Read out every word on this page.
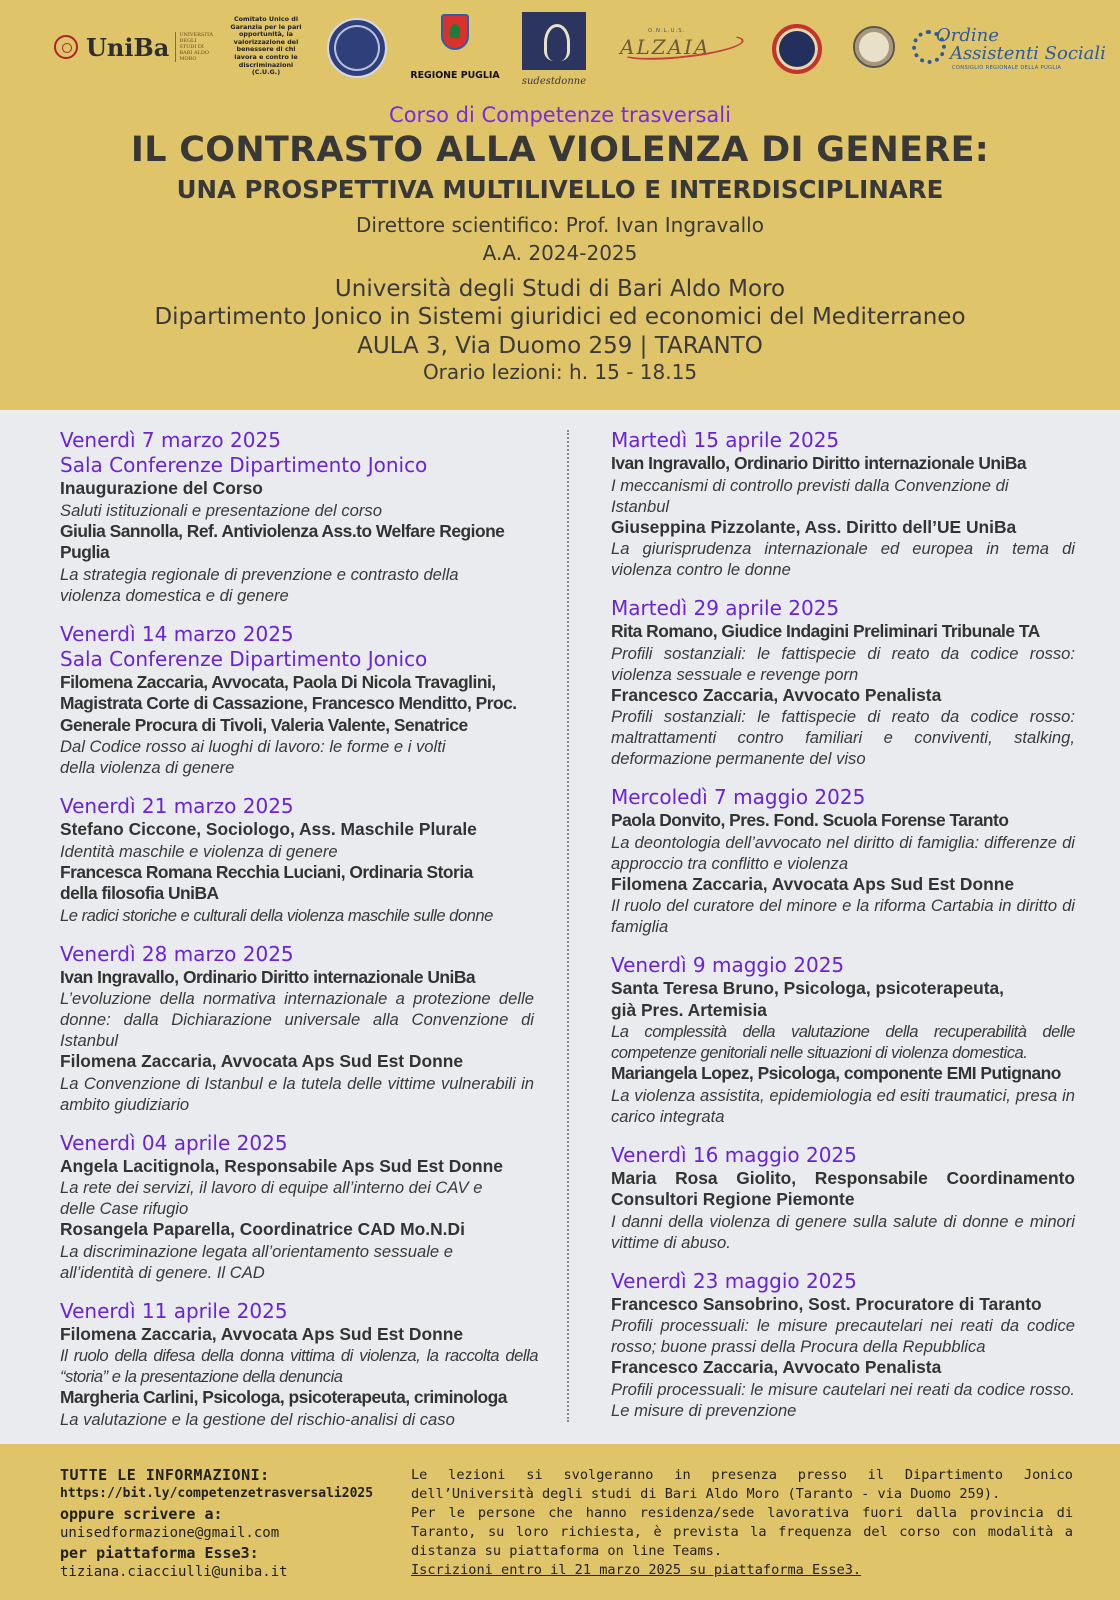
UniBa	UNIVERSITÀ DEGLI STUDI DI BARI ALDO MORO
Comitato Unico di Garanzia per le pari opportunità, la valorizzazione del benessere di chi lavora e contro le discriminazioni (C.U.G.)	REGIONE PUGLIA
sudestdonne
O.N.L.U.S.
ALZAIA	Ordine
Assistenti Sociali
CONSIGLIO REGIONALE DELLA PUGLIA
Corso di Competenze trasversali
IL CONTRASTO ALLA VIOLENZA DI GENERE:
UNA PROSPETTIVA MULTILIVELLO E INTERDISCIPLINARE
Direttore scientifico: Prof. Ivan Ingravallo
A.A. 2024-2025
Università degli Studi di Bari Aldo Moro
Dipartimento Jonico in Sistemi giuridici ed economici del Mediterraneo
AULA 3, Via Duomo 259 | TARANTO
Orario lezioni: h. 15 - 18.15
Venerdì 7 marzo 2025
Sala Conferenze Dipartimento Jonico
Inaugurazione del Corso
Saluti istituzionali e presentazione del corso
Giulia Sannolla, Ref. Antiviolenza Ass.to Welfare Regione Puglia
La strategia regionale di prevenzione e contrasto della violenza domestica e di genere
Venerdì 14 marzo 2025
Sala Conferenze Dipartimento Jonico
Filomena Zaccaria, Avvocata, Paola Di Nicola Travaglini, Magistrata Corte di Cassazione, Francesco Menditto, Proc. Generale Procura di Tivoli, Valeria Valente, Senatrice
Dal Codice rosso ai luoghi di lavoro: le forme e i volti della violenza di genere
Venerdì 21 marzo 2025
Stefano Ciccone, Sociologo, Ass. Maschile Plurale
Identità maschile e violenza di genere
Francesca Romana Recchia Luciani, Ordinaria Storia della filosofia UniBA
Le radici storiche e culturali della violenza maschile sulle donne
Venerdì 28 marzo 2025
Ivan Ingravallo, Ordinario Diritto internazionale UniBa
L’evoluzione della normativa internazionale a protezione delle donne: dalla Dichiarazione universale alla Convenzione di Istanbul
Filomena Zaccaria, Avvocata Aps Sud Est Donne
La Convenzione di Istanbul e la tutela delle vittime vulnerabili in ambito giudiziario
Venerdì 04 aprile 2025
Angela Lacitignola, Responsabile Aps Sud Est Donne
La rete dei servizi, il lavoro di equipe all’interno dei CAV e delle Case rifugio
Rosangela Paparella, Coordinatrice CAD Mo.N.Di
La discriminazione legata all’orientamento sessuale e all’identità di genere. Il CAD
Venerdì 11 aprile 2025
Filomena Zaccaria, Avvocata Aps Sud Est Donne
Il ruolo della difesa della donna vittima di violenza, la raccolta della “storia” e la presentazione della denuncia
Margheria Carlini, Psicologa, psicoterapeuta, criminologa
La valutazione e la gestione del rischio-analisi di caso
Martedì 15 aprile 2025
Ivan Ingravallo, Ordinario Diritto internazionale UniBa
I meccanismi di controllo previsti dalla Convenzione di Istanbul
Giuseppina Pizzolante, Ass. Diritto dell’UE UniBa
La giurisprudenza internazionale ed europea in tema di violenza contro le donne
Martedì 29 aprile 2025
Rita Romano, Giudice Indagini Preliminari Tribunale TA
Profili sostanziali: le fattispecie di reato da codice rosso: violenza sessuale e revenge porn
Francesco Zaccaria, Avvocato Penalista
Profili sostanziali: le fattispecie di reato da codice rosso: maltrattamenti contro familiari e conviventi, stalking, deformazione permanente del viso
Mercoledì 7 maggio 2025
Paola Donvito, Pres. Fond. Scuola Forense Taranto
La deontologia dell’avvocato nel diritto di famiglia: differenze di approccio tra conflitto e violenza
Filomena Zaccaria, Avvocata Aps Sud Est Donne
Il ruolo del curatore del minore e la riforma Cartabia in diritto di famiglia
Venerdì 9 maggio 2025
Santa Teresa Bruno, Psicologa, psicoterapeuta, già Pres. Artemisia
La complessità della valutazione della recuperabilità delle competenze genitoriali nelle situazioni di violenza domestica.
Mariangela Lopez, Psicologa, componente EMI Putignano
La violenza assistita, epidemiologia ed esiti traumatici, presa in carico integrata
Venerdì 16 maggio 2025
Maria Rosa Giolito, Responsabile Coordinamento Consultori Regione Piemonte
I danni della violenza di genere sulla salute di donne e minori vittime di abuso.
Venerdì 23 maggio 2025
Francesco Sansobrino, Sost. Procuratore di Taranto
Profili processuali: le misure precautelari nei reati da codice rosso; buone prassi della Procura della Repubblica
Francesco Zaccaria, Avvocato Penalista
Profili processuali: le misure cautelari nei reati da codice rosso. Le misure di prevenzione
TUTTE LE INFORMAZIONI:
https://bit.ly/competenzetrasversali2025
oppure scrivere a:
unisedformazione@gmail.com
per piattaforma Esse3:
tiziana.ciacciulli@uniba.it
Le lezioni si svolgeranno in presenza presso il Dipartimento Jonico dell’Università degli studi di Bari Aldo Moro (Taranto - via Duomo 259).
Per le persone che hanno residenza/sede lavorativa fuori dalla provincia di Taranto, su loro richiesta, è prevista la frequenza del corso con modalità a distanza su piattaforma on line Teams.
Iscrizioni entro il 21 marzo 2025 su piattaforma Esse3.
